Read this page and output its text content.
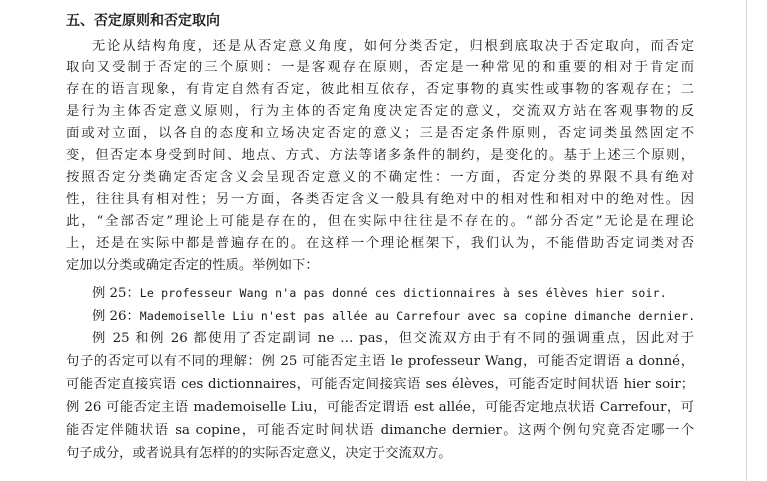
五、否定原则和否定取向
无论从结构角度，还是从否定意义角度，如何分类否定，归根到底取决于否定取向，而否定
取向又受制于否定的三个原则：一是客观存在原则，否定是一种常见的和重要的相对于肯定而
存在的语言现象，有肯定自然有否定，彼此相互依存，否定事物的真实性或事物的客观存在；二
是行为主体否定意义原则，行为主体的否定角度决定否定的意义，交流双方站在客观事物的反
面或对立面，以各自的态度和立场决定否定的意义；三是否定条件原则，否定词类虽然固定不
变，但否定本身受到时间、地点、方式、方法等诸多条件的制约，是变化的。基于上述三个原则，
按照否定分类确定否定含义会呈现否定意义的不确定性：一方面，否定分类的界限不具有绝对
性，往往具有相对性；另一方面，各类否定含义一般具有绝对中的相对性和相对中的绝对性。因
此，“全部否定”理论上可能是存在的，但在实际中往往是不存在的。“部分否定”无论是在理论
上，还是在实际中都是普遍存在的。在这样一个理论框架下，我们认为，不能借助否定词类对否
定加以分类或确定否定的性质。举例如下：
例 25：Le professeur Wang n'a pas donné ces dictionnaires à ses élèves hier soir.
例 26：Mademoiselle Liu n'est pas allée au Carrefour avec sa copine dimanche dernier.
例 25 和例 26 都使用了否定副词 ne … pas，但交流双方由于有不同的强调重点，因此对于
句子的否定可以有不同的理解：例 25 可能否定主语 le professeur Wang，可能否定谓语 a donné，
可能否定直接宾语 ces dictionnaires，可能否定间接宾语 ses élèves，可能否定时间状语 hier soir；
例 26 可能否定主语 mademoiselle Liu，可能否定谓语 est allée，可能否定地点状语 Carrefour，可
能否定伴随状语 sa copine，可能否定时间状语 dimanche dernier。这两个例句究竟否定哪一个
句子成分，或者说具有怎样的的实际否定意义，决定于交流双方。
